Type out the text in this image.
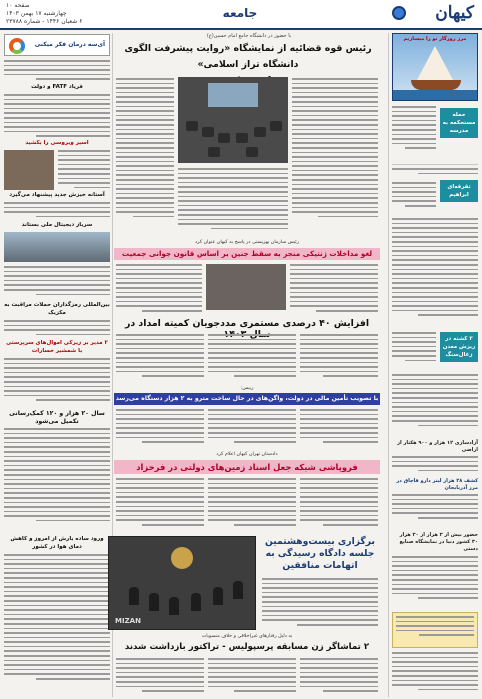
کیهان
جامعه
صفحه ۱۰
چهارشنبه ۱۷ بهمن ۱۴۰۳
۶ شعبان ۱۴۴۶ - شماره ۲۳۷۸۸
مرز روزگار ‌نو‌ را میسازیم
حمله مستحکمه به مدرسه
تقرقه‌ای ابراهیم
۳ کشته در ریزش معدن زغال‌سنگ
آزادسازی ۱۲ هزار و ۹۰۰ هکتار از اراضی
کشف ۲۸ هزار لیتر دارو قاچاق در مرز آذربایجان
حضور بیش از ۳ هزار از ۳۰ هزار ۳۰ کشور دنیا در نمایشگاه صنایع دستی
آی‌سه درمان فکر میکنی
فریاد FATF و دولت
اسیر ویروسی را بکشید
آستانه خیزش جدید پیشنهاد می‌گیرد
سرباز دیجیتال ملی بستاند
بین‌المللی رمزگذاران حملات مراقبت به مکزیک
۲ مدیر بر زیرکی اموال‌های سرپرستی با شمشیر خسارات
سال ۲۰ هزار و ۱۲۰ کمک‌رسانی تکمیل می‌شود
ورود ساده بارش از امروز و کاهش دمای هوا در کشور
با حضور در دانشگاه جامع امام حسین(ع)
رئیس قوه قضائیه از نمایشگاه «روایت پیشرفت الگوی دانشگاه تراز اسلامی»
رئیس سازمان بهزیستی در پاسخ به کیهان عنوان کرد
لغو مداخلات ژنتیکی منجر به سقط جنین بر اساس قانون جوانی جمعیت
افزایش ۴۰ درصدی مستمری مددجویان کمیته امداد در
رییس:
با تصویب تأمین مالی در دولت، واگن‌های در حال ساخت مترو به ۲ هزار دستگاه می‌رسد
دادستان تهران کیهان اعلام کرد
فروپاشی شبکه جعل اسناد زمین‌های دولتی در فرحزاد
MIZAN
برگزاری بیست‌وهشتمین جلسه دادگاه رسیدگی به اتهامات منافقین
به دلیل رفتارهای غیراخلاقی و خلاف منسوبات
۲ تماشاگر زن مسابقه پرسپولیس - تراکتور بازداشت شدند
